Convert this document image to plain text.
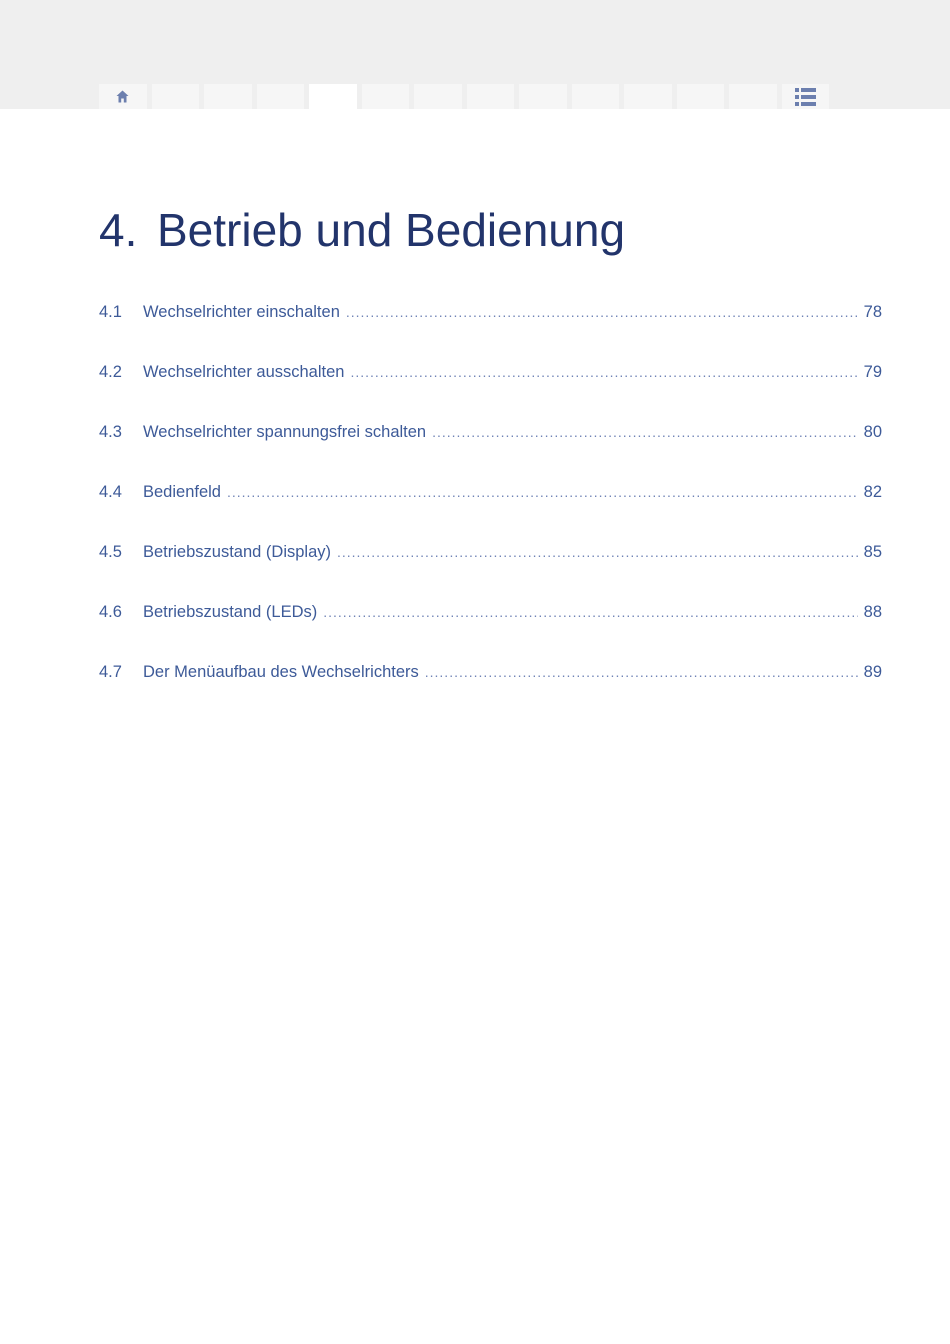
4. Betrieb und Bedienung
4.1	Wechselrichter einschalten .....	78
4.2	Wechselrichter ausschalten .....	79
4.3	Wechselrichter spannungsfrei schalten .....	80
4.4	Bedienfeld .....	82
4.5	Betriebszustand (Display) .....	85
4.6	Betriebszustand (LEDs) .....	88
4.7	Der Menüaufbau des Wechselrichters .....	89
